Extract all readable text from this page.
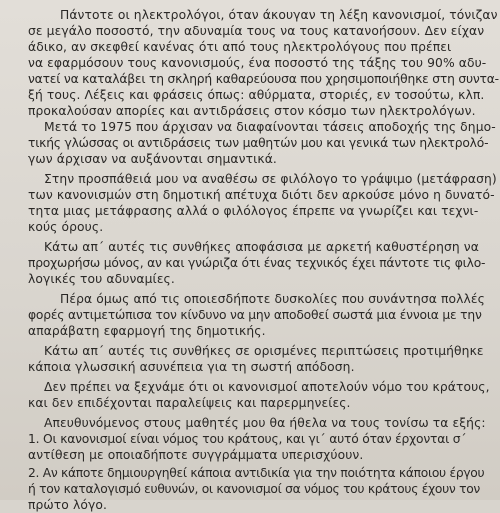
Πάντοτε οι ηλεκτρολόγοι, όταν άκουγαν τη λέξη κανονισμοί, τόνιζαν
σε μεγάλο ποσοστό, την αδυναμία τους να τους κατανοήσουν. Δεν είχαν
άδικο, αν σκεφθεί κανένας ότι από τους ηλεκτρολόγους που πρέπει
να εφαρμόσουν τους κανονισμούς, ένα ποσοστό της τάξης του 90% αδυ-
νατεί να καταλάβει τη σκληρή καθαρεύουσα που χρησιμοποιήθηκε στη συντα-
ξή τους. Λέξεις και φράσεις όπως: αθύρματα, στοριές, εν τοσούτω, κλπ.
προκαλούσαν απορίες και αντιδράσεις στον κόσμο των ηλεκτρολόγων.
Μετά το 1975 που άρχισαν να διαφαίνονται τάσεις αποδοχής της δημο-
τικής γλώσσας οι αντιδράσεις των μαθητών μου και γενικά των ηλεκτρολό-
γων άρχισαν να αυξάνονται σημαντικά.
Στην προσπάθειά μου να αναθέσω σε φιλόλογο το γράψιμο (μετάφραση)
των κανονισμών στη δημοτική απέτυχα διότι δεν αρκούσε μόνο η δυνατό-
τητα μιας μετάφρασης αλλά ο φιλόλογος έπρεπε να γνωρίζει και τεχνι-
κούς όρους.
Κάτω απ΄ αυτές τις συνθήκες αποφάσισα με αρκετή καθυστέρηση να
προχωρήσω μόνος, αν και γνώριζα ότι ένας τεχνικός έχει πάντοτε τις φιλο-
λογικές του αδυναμίες.
Πέρα όμως από τις οποιεσδήποτε δυσκολίες που συνάντησα πολλές
φορές αντιμετώπισα τον κίνδυνο να μην αποδοθεί σωστά μια έννοια με την
απαράβατη εφαρμογή της δημοτικής.
Κάτω απ΄ αυτές τις συνθήκες σε ορισμένες περιπτώσεις προτιμήθηκε
κάποια γλωσσική ασυνέπεια για τη σωστή απόδοση.
Δεν πρέπει να ξεχνάμε ότι οι κανονισμοί αποτελούν νόμο του κράτους,
και δεν επιδέχονται παραλείψεις και παρερμηνείες.
Απευθυνόμενος στους μαθητές μου θα ήθελα να τους τονίσω τα εξής:
1. Οι κανονισμοί είναι νόμος του κράτους, και γι΄ αυτό όταν έρχονται σ΄
αντίθεση με οποιαδήποτε συγγράμματα υπερισχύουν.
2. Αν κάποτε δημιουργηθεί κάποια αντιδικία για την ποιότητα κάποιου έργου
ή τον καταλογισμό ευθυνών, οι κανονισμοί σα νόμος του κράτους έχουν τον
πρώτο λόγο.
